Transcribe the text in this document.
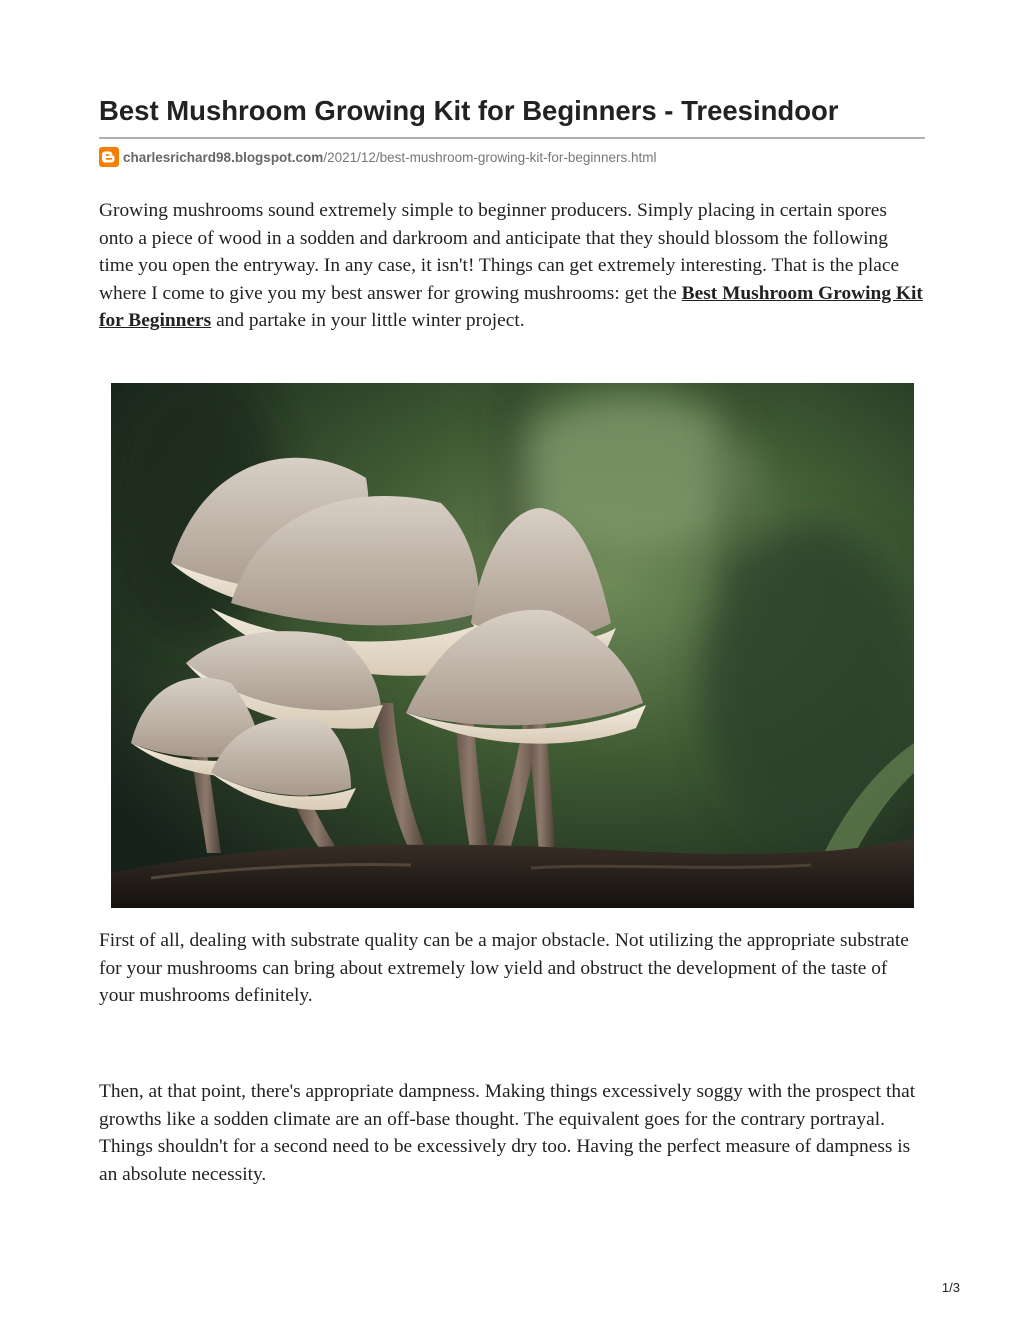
Best Mushroom Growing Kit for Beginners - Treesindoor
charlesrichard98.blogspot.com/2021/12/best-mushroom-growing-kit-for-beginners.html

Growing mushrooms sound extremely simple to beginner producers. Simply placing in certain spores onto a piece of wood in a sodden and darkroom and anticipate that they should blossom the following time you open the entryway. In any case, it isn't! Things can get extremely interesting. That is the place where I come to give you my best answer for growing mushrooms: get the Best Mushroom Growing Kit for Beginners and partake in your little winter project.

First of all, dealing with substrate quality can be a major obstacle. Not utilizing the appropriate substrate for your mushrooms can bring about extremely low yield and obstruct the development of the taste of your mushrooms definitely.

Then, at that point, there's appropriate dampness. Making things excessively soggy with the prospect that growths like a sodden climate are an off-base thought. The equivalent goes for the contrary portrayal. Things shouldn't for a second need to be excessively dry too. Having the perfect measure of dampness is an absolute necessity.

1/3
